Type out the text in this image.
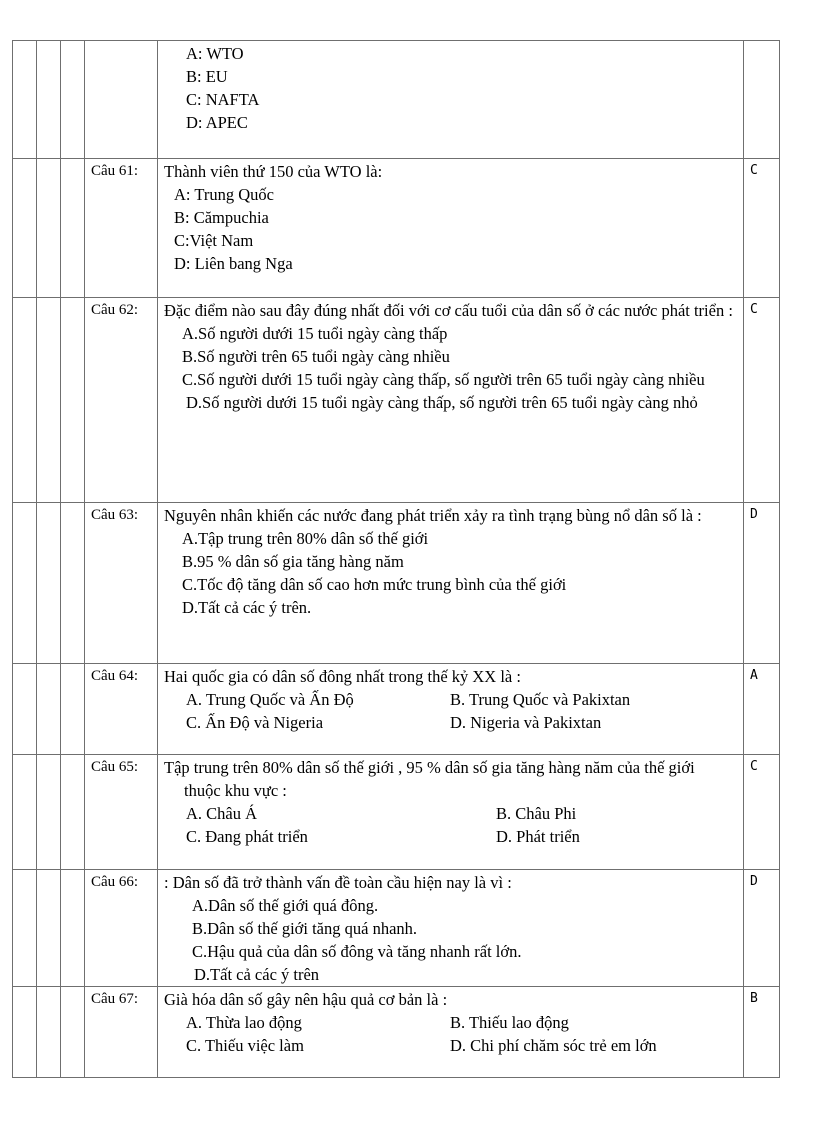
				A: WTO
B: EU
C: NAFTA
D: APEC	

			Câu 61:	Thành viên thứ 150 của WTO là:
A: Trung Quốc
B: Cămpuchia
C:Việt Nam
D: Liên bang Nga	C
			Câu 62:	Đặc điểm nào sau đây đúng nhất đối với cơ cấu tuổi của dân số ở các nước phát triển :
A.Số người dưới 15 tuổi ngày càng thấp
B.Số người trên 65 tuổi ngày càng nhiều
C.Số người dưới 15 tuổi ngày càng thấp, số người trên 65 tuổi ngày càng nhiều
D.Số người dưới 15 tuổi ngày càng thấp, số người trên 65 tuổi ngày càng nhỏ	C
			Câu 63:	Nguyên nhân khiến các nước đang phát triển xảy ra tình trạng bùng nổ dân số là :
A.Tập trung trên 80% dân số thế giới
B.95 % dân số gia tăng hàng năm
C.Tốc độ tăng dân số cao hơn mức trung bình của thế giới
D.Tất cả các ý trên.	D
			Câu 64:	Hai quốc gia có dân số đông nhất trong thế kỷ XX là :
A. Trung Quốc và Ấn Độ B. Trung Quốc và Pakixtan
C. Ấn Độ và Nigeria D. Nigeria và Pakixtan	A
			Câu 65:	Tập trung trên 80% dân số thế giới , 95 % dân số gia tăng hàng năm của thế giới thuộc khu vực :
A. Châu Á B. Châu Phi
C. Đang phát triển D. Phát triển	C
			Câu 66:	: Dân số đã trở thành vấn đề toàn cầu hiện nay là vì :
A.Dân số thế giới quá đông.
B.Dân số thế giới tăng quá nhanh.
C.Hậu quả của dân số đông và tăng nhanh rất lớn.
D.Tất cả các ý trên	D
			Câu 67:	Già hóa dân số gây nên hậu quả cơ bản là :
A. Thừa lao động B. Thiếu lao động
C. Thiếu việc làm D. Chi phí chăm sóc trẻ em lớn	B
